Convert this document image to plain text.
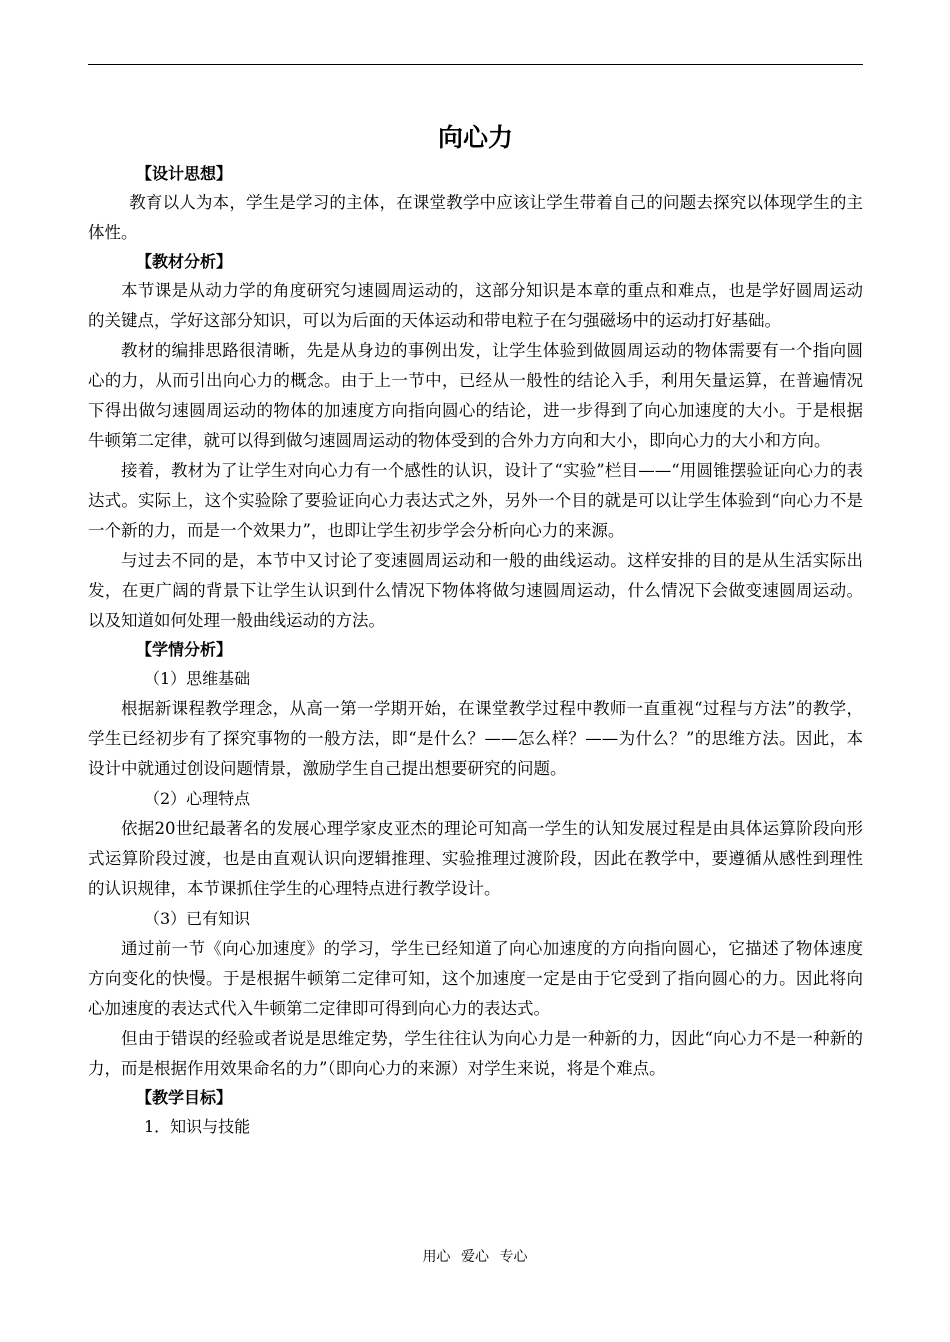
向心力
【设计思想】

教育以人为本，学生是学习的主体，在课堂教学中应该让学生带着自己的问题去探究以体现学生的主体性。

【教材分析】

本节课是从动力学的角度研究匀速圆周运动的，这部分知识是本章的重点和难点，也是学好圆周运动的关键点，学好这部分知识，可以为后面的天体运动和带电粒子在匀强磁场中的运动打好基础。

教材的编排思路很清晰，先是从身边的事例出发，让学生体验到做圆周运动的物体需要有一个指向圆心的力，从而引出向心力的概念。由于上一节中，已经从一般性的结论入手，利用矢量运算，在普遍情况下得出做匀速圆周运动的物体的加速度方向指向圆心的结论，进一步得到了向心加速度的大小。于是根据牛顿第二定律，就可以得到做匀速圆周运动的物体受到的合外力方向和大小，即向心力的大小和方向。

接着，教材为了让学生对向心力有一个感性的认识，设计了“实验”栏目——“用圆锥摆验证向心力的表达式。实际上，这个实验除了要验证向心力表达式之外，另外一个目的就是可以让学生体验到“向心力不是一个新的力，而是一个效果力”，也即让学生初步学会分析向心力的来源。

与过去不同的是，本节中又讨论了变速圆周运动和一般的曲线运动。这样安排的目的是从生活实际出发，在更广阔的背景下让学生认识到什么情况下物体将做匀速圆周运动，什么情况下会做变速圆周运动。以及知道如何处理一般曲线运动的方法。

【学情分析】
（1）思维基础

根据新课程教学理念，从高一第一学期开始，在课堂教学过程中教师一直重视“过程与方法”的教学，学生已经初步有了探究事物的一般方法，即“是什么？——怎么样？——为什么？”的思维方法。因此，本设计中就通过创设问题情景，激励学生自己提出想要研究的问题。

（2）心理特点

依据20世纪最著名的发展心理学家皮亚杰的理论可知高一学生的认知发展过程是由具体运算阶段向形式运算阶段过渡，也是由直观认识向逻辑推理、实验推理过渡阶段，因此在教学中，要遵循从感性到理性的认识规律，本节课抓住学生的心理特点进行教学设计。

（3）已有知识

通过前一节《向心加速度》的学习，学生已经知道了向心加速度的方向指向圆心，它描述了物体速度方向变化的快慢。于是根据牛顿第二定律可知，这个加速度一定是由于它受到了指向圆心的力。因此将向心加速度的表达式代入牛顿第二定律即可得到向心力的表达式。

但由于错误的经验或者说是思维定势，学生往往认为向心力是一种新的力，因此“向心力不是一种新的力，而是根据作用效果命名的力”（即向心力的来源）对学生来说，将是个难点。

【教学目标】
1．知识与技能
用心 爱心 专心
